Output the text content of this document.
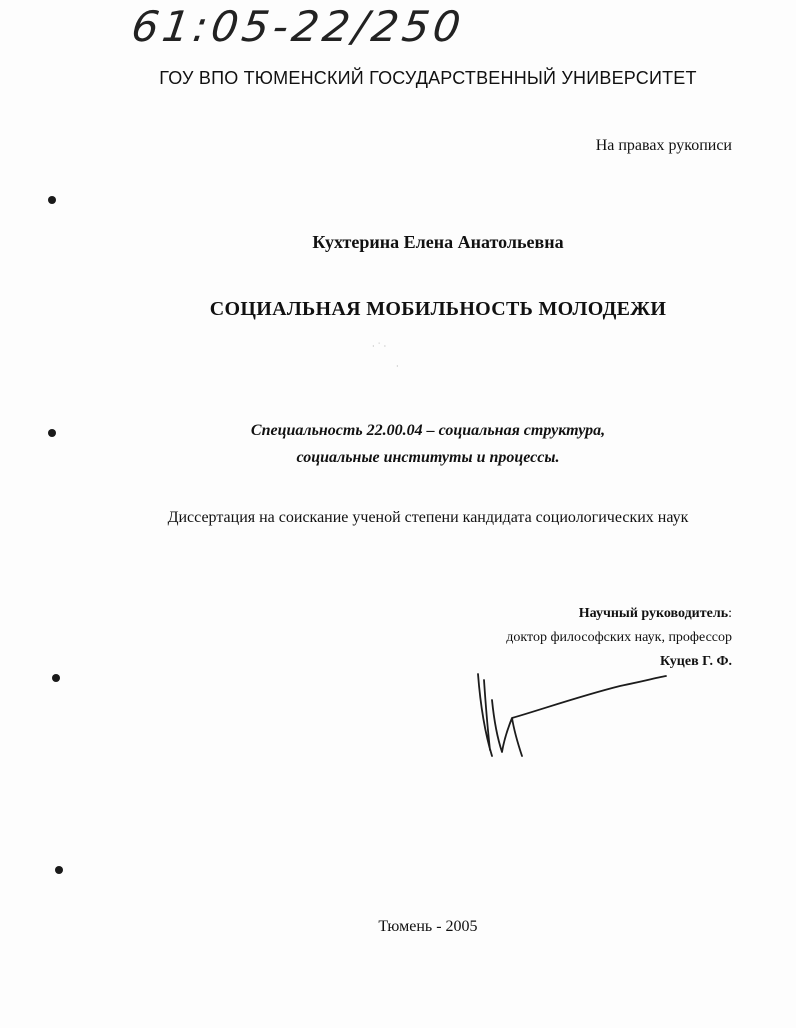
61:05-22/250
ГОУ ВПО ТЮМЕНСКИЙ ГОСУДАРСТВЕННЫЙ УНИВЕРСИТЕТ
На правах рукописи
Кухтерина Елена Анатольевна
СОЦИАЛЬНАЯ МОБИЛЬНОСТЬ МОЛОДЕЖИ
· ˙ ·
·
Специальность 22.00.04 – социальная структура,
социальные институты и процессы.
Диссертация на соискание ученой степени кандидата социологических наук
Научный руководитель:
доктор философских наук, профессор
Куцев Г. Ф.
Тюмень - 2005
